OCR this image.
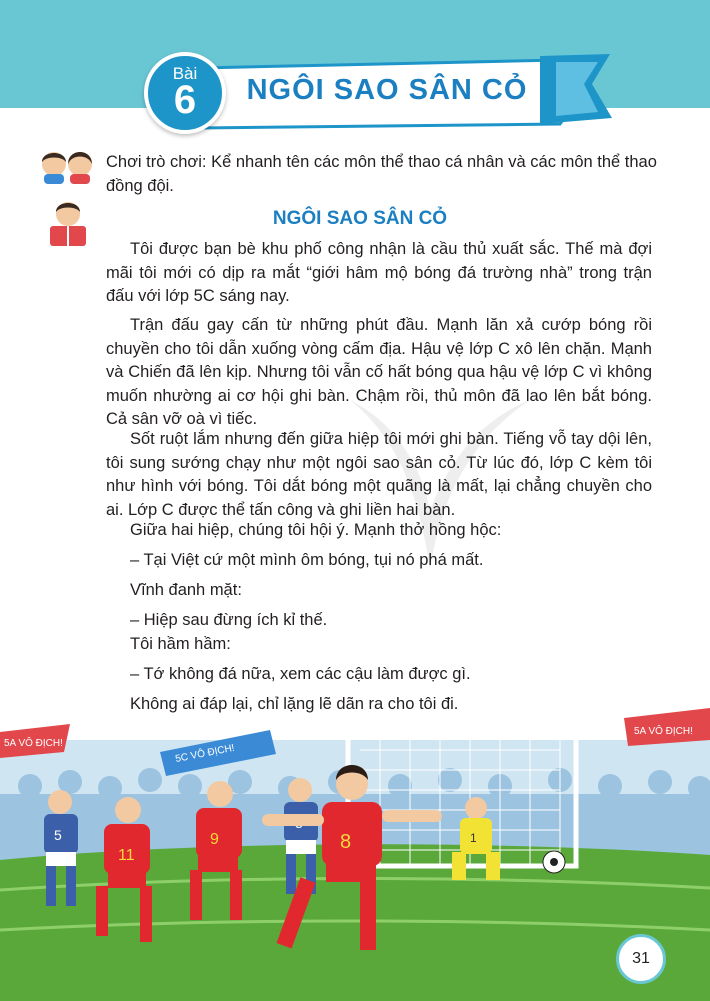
Bài
6	NGÔI SAO SÂN CỎ
Chơi trò chơi: Kể nhanh tên các môn thể thao cá nhân và các môn thể thao đồng đội.
NGÔI SAO SÂN CỎ
Tôi được bạn bè khu phố công nhận là cầu thủ xuất sắc. Thế mà đợi mãi tôi mới có dịp ra mắt “giới hâm mộ bóng đá trường nhà” trong trận đấu với lớp 5C sáng nay.
Trận đấu gay cấn từ những phút đầu. Mạnh lăn xả cướp bóng rồi chuyền cho tôi dẫn xuống vòng cấm địa. Hậu vệ lớp C xô lên chặn. Mạnh và Chiến đã lên kịp. Nhưng tôi vẫn cố hất bóng qua hậu vệ lớp C vì không muốn nhường ai cơ hội ghi bàn. Chậm rồi, thủ môn đã lao lên bắt bóng. Cả sân vỡ oà vì tiếc.
Sốt ruột lắm nhưng đến giữa hiệp tôi mới ghi bàn. Tiếng vỗ tay dội lên, tôi sung sướng chạy như một ngôi sao sân cỏ. Từ lúc đó, lớp C kèm tôi như hình với bóng. Tôi dắt bóng một quãng là mất, lại chẳng chuyền cho ai. Lớp C được thể tấn công và ghi liền hai bàn.
Giữa hai hiệp, chúng tôi hội ý. Mạnh thở hồng hộc:
– Tại Việt cứ một mình ôm bóng, tụi nó phá mất.
Vĩnh đanh mặt:
– Hiệp sau đừng ích kỉ thế.
Tôi hầm hầm:
– Tớ không đá nữa, xem các cậu làm được gì.
Không ai đáp lại, chỉ lặng lẽ dãn ra cho tôi đi.
5A VÔ ĐỊCH!	5C VÔ ĐỊCH!
5A VÔ ĐỊCH!
1
5
11
9	8
31
